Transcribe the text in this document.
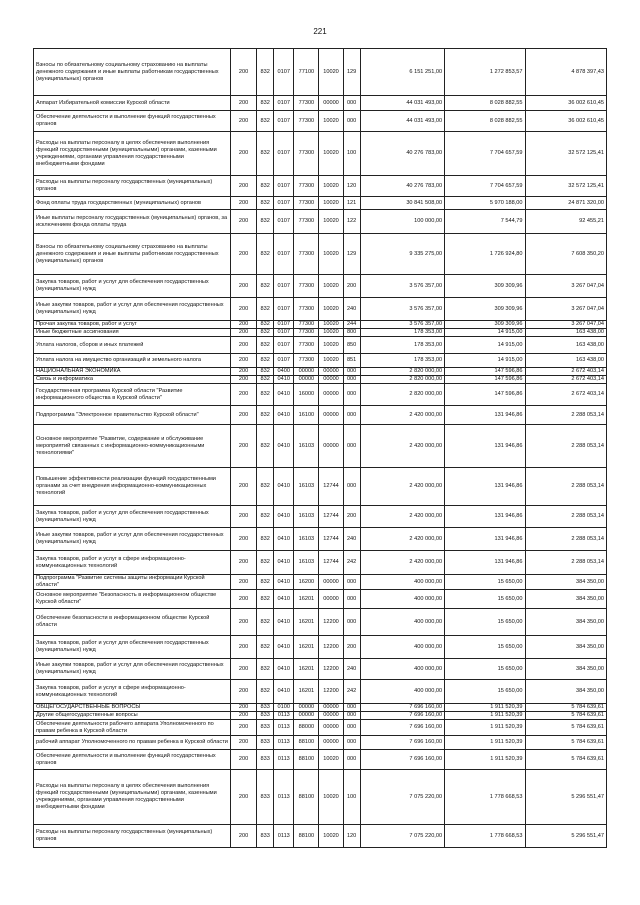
221
Взносы по обязательному социальному страхованию на выплаты денежного содержания и иные выплаты работникам государственных (муниципальных) органов	200	832	0107	77100	10020	129	6 151 251,00	1 272 853,57	4 878 397,43
Аппарат Избирательной комиссии Курской области	200	832	0107	77300	00000	000	44 031 493,00	8 028 882,55	36 002 610,45
Обеспечение деятельности и выполнение функций государственных органов	200	832	0107	77300	10020	000	44 031 493,00	8 028 882,55	36 002 610,45
Расходы на выплаты персоналу в целях обеспечения выполнения функций государственными (муниципальными) органами, казенными учреждениями, органами управления государственными внебюджетными фондами	200	832	0107	77300	10020	100	40 276 783,00	7 704 657,59	32 572 125,41
Расходы на выплаты персоналу государственных (муниципальных) органов	200	832	0107	77300	10020	120	40 276 783,00	7 704 657,59	32 572 125,41
Фонд оплаты труда государственных (муниципальных) органов	200	832	0107	77300	10020	121	30 841 508,00	5 970 188,00	24 871 320,00
Иные выплаты персоналу государственных (муниципальных) органов, за исключением фонда оплаты труда	200	832	0107	77300	10020	122	100 000,00	7 544,79	92 455,21
Взносы по обязательному социальному страхованию на выплаты денежного содержания и иные выплаты работникам государственных (муниципальных) органов	200	832	0107	77300	10020	129	9 335 275,00	1 726 924,80	7 608 350,20
Закупка товаров, работ и услуг для обеспечения государственных (муниципальных) нужд	200	832	0107	77300	10020	200	3 576 357,00	309 309,96	3 267 047,04
Иные закупки товаров, работ и услуг для обеспечения государственных (муниципальных) нужд	200	832	0107	77300	10020	240	3 576 357,00	309 309,96	3 267 047,04
Прочая закупка товаров, работ и услуг	200	832	0107	77300	10020	244	3 576 357,00	309 309,96	3 267 047,04
Иные бюджетные ассигнования	200	832	0107	77300	10020	800	178 353,00	14 915,00	163 438,00
Уплата налогов, сборов и иных платежей	200	832	0107	77300	10020	850	178 353,00	14 915,00	163 438,00
Уплата налога на имущество организаций и земельного налога	200	832	0107	77300	10020	851	178 353,00	14 915,00	163 438,00
НАЦИОНАЛЬНАЯ ЭКОНОМИКА	200	832	0400	00000	00000	000	2 820 000,00	147 596,86	2 672 403,14
Связь и информатика	200	832	0410	00000	00000	000	2 820 000,00	147 596,86	2 672 403,14
Государственная программа Курской области "Развитие информационного общества в Курской области"	200	832	0410	16000	00000	000	2 820 000,00	147 596,86	2 672 403,14
Подпрограмма "Электронное правительство Курской области"	200	832	0410	16100	00000	000	2 420 000,00	131 946,86	2 288 053,14
Основное мероприятие "Развитие, содержание и обслуживание мероприятий связанных с информационно-коммуникационными технологиями"	200	832	0410	16103	00000	000	2 420 000,00	131 946,86	2 288 053,14
Повышение эффективности реализации функций государственными органами за счет внедрения информационно-коммуникационных технологий	200	832	0410	16103	12744	000	2 420 000,00	131 946,86	2 288 053,14
Закупка товаров, работ и услуг для обеспечения государственных (муниципальных) нужд	200	832	0410	16103	12744	200	2 420 000,00	131 946,86	2 288 053,14
Иные закупки товаров, работ и услуг для обеспечения государственных (муниципальных) нужд	200	832	0410	16103	12744	240	2 420 000,00	131 946,86	2 288 053,14
Закупка товаров, работ и услуг в сфере информационно-коммуникационных технологий	200	832	0410	16103	12744	242	2 420 000,00	131 946,86	2 288 053,14
Подпрограмма "Развитие системы защиты информации Курской области"	200	832	0410	16200	00000	000	400 000,00	15 650,00	384 350,00
Основное мероприятие "Безопасность в информационном обществе Курской области"	200	832	0410	16201	00000	000	400 000,00	15 650,00	384 350,00
Обеспечение безопасности в информационном обществе Курской области	200	832	0410	16201	12200	000	400 000,00	15 650,00	384 350,00
Закупка товаров, работ и услуг для обеспечения государственных (муниципальных) нужд	200	832	0410	16201	12200	200	400 000,00	15 650,00	384 350,00
Иные закупки товаров, работ и услуг для обеспечения государственных (муниципальных) нужд	200	832	0410	16201	12200	240	400 000,00	15 650,00	384 350,00
Закупка товаров, работ и услуг в сфере информационно-коммуникационных технологий	200	832	0410	16201	12200	242	400 000,00	15 650,00	384 350,00
ОБЩЕГОСУДАРСТВЕННЫЕ ВОПРОСЫ	200	833	0100	00000	00000	000	7 696 160,00	1 911 520,39	5 784 639,61
Другие общегосударственные вопросы	200	833	0113	00000	00000	000	7 696 160,00	1 911 520,39	5 784 639,61
Обеспечение деятельности рабочего аппарата Уполномоченного по правам ребенка в Курской области	200	833	0113	88000	00000	000	7 696 160,00	1 911 520,39	5 784 639,61
рабочий аппарат Уполномоченного по правам ребенка в Курской области	200	833	0113	88100	00000	000	7 696 160,00	1 911 520,39	5 784 639,61
Обеспечение деятельности и выполнение функций государственных органов	200	833	0113	88100	10020	000	7 696 160,00	1 911 520,39	5 784 639,61
Расходы на выплаты персоналу в целях обеспечения выполнения функций государственными (муниципальными) органами, казенными учреждениями, органами управления государственными внебюджетными фондами	200	833	0113	88100	10020	100	7 075 220,00	1 778 668,53	5 296 551,47
Расходы на выплаты персоналу государственных (муниципальных) органов	200	833	0113	88100	10020	120	7 075 220,00	1 778 668,53	5 296 551,47
